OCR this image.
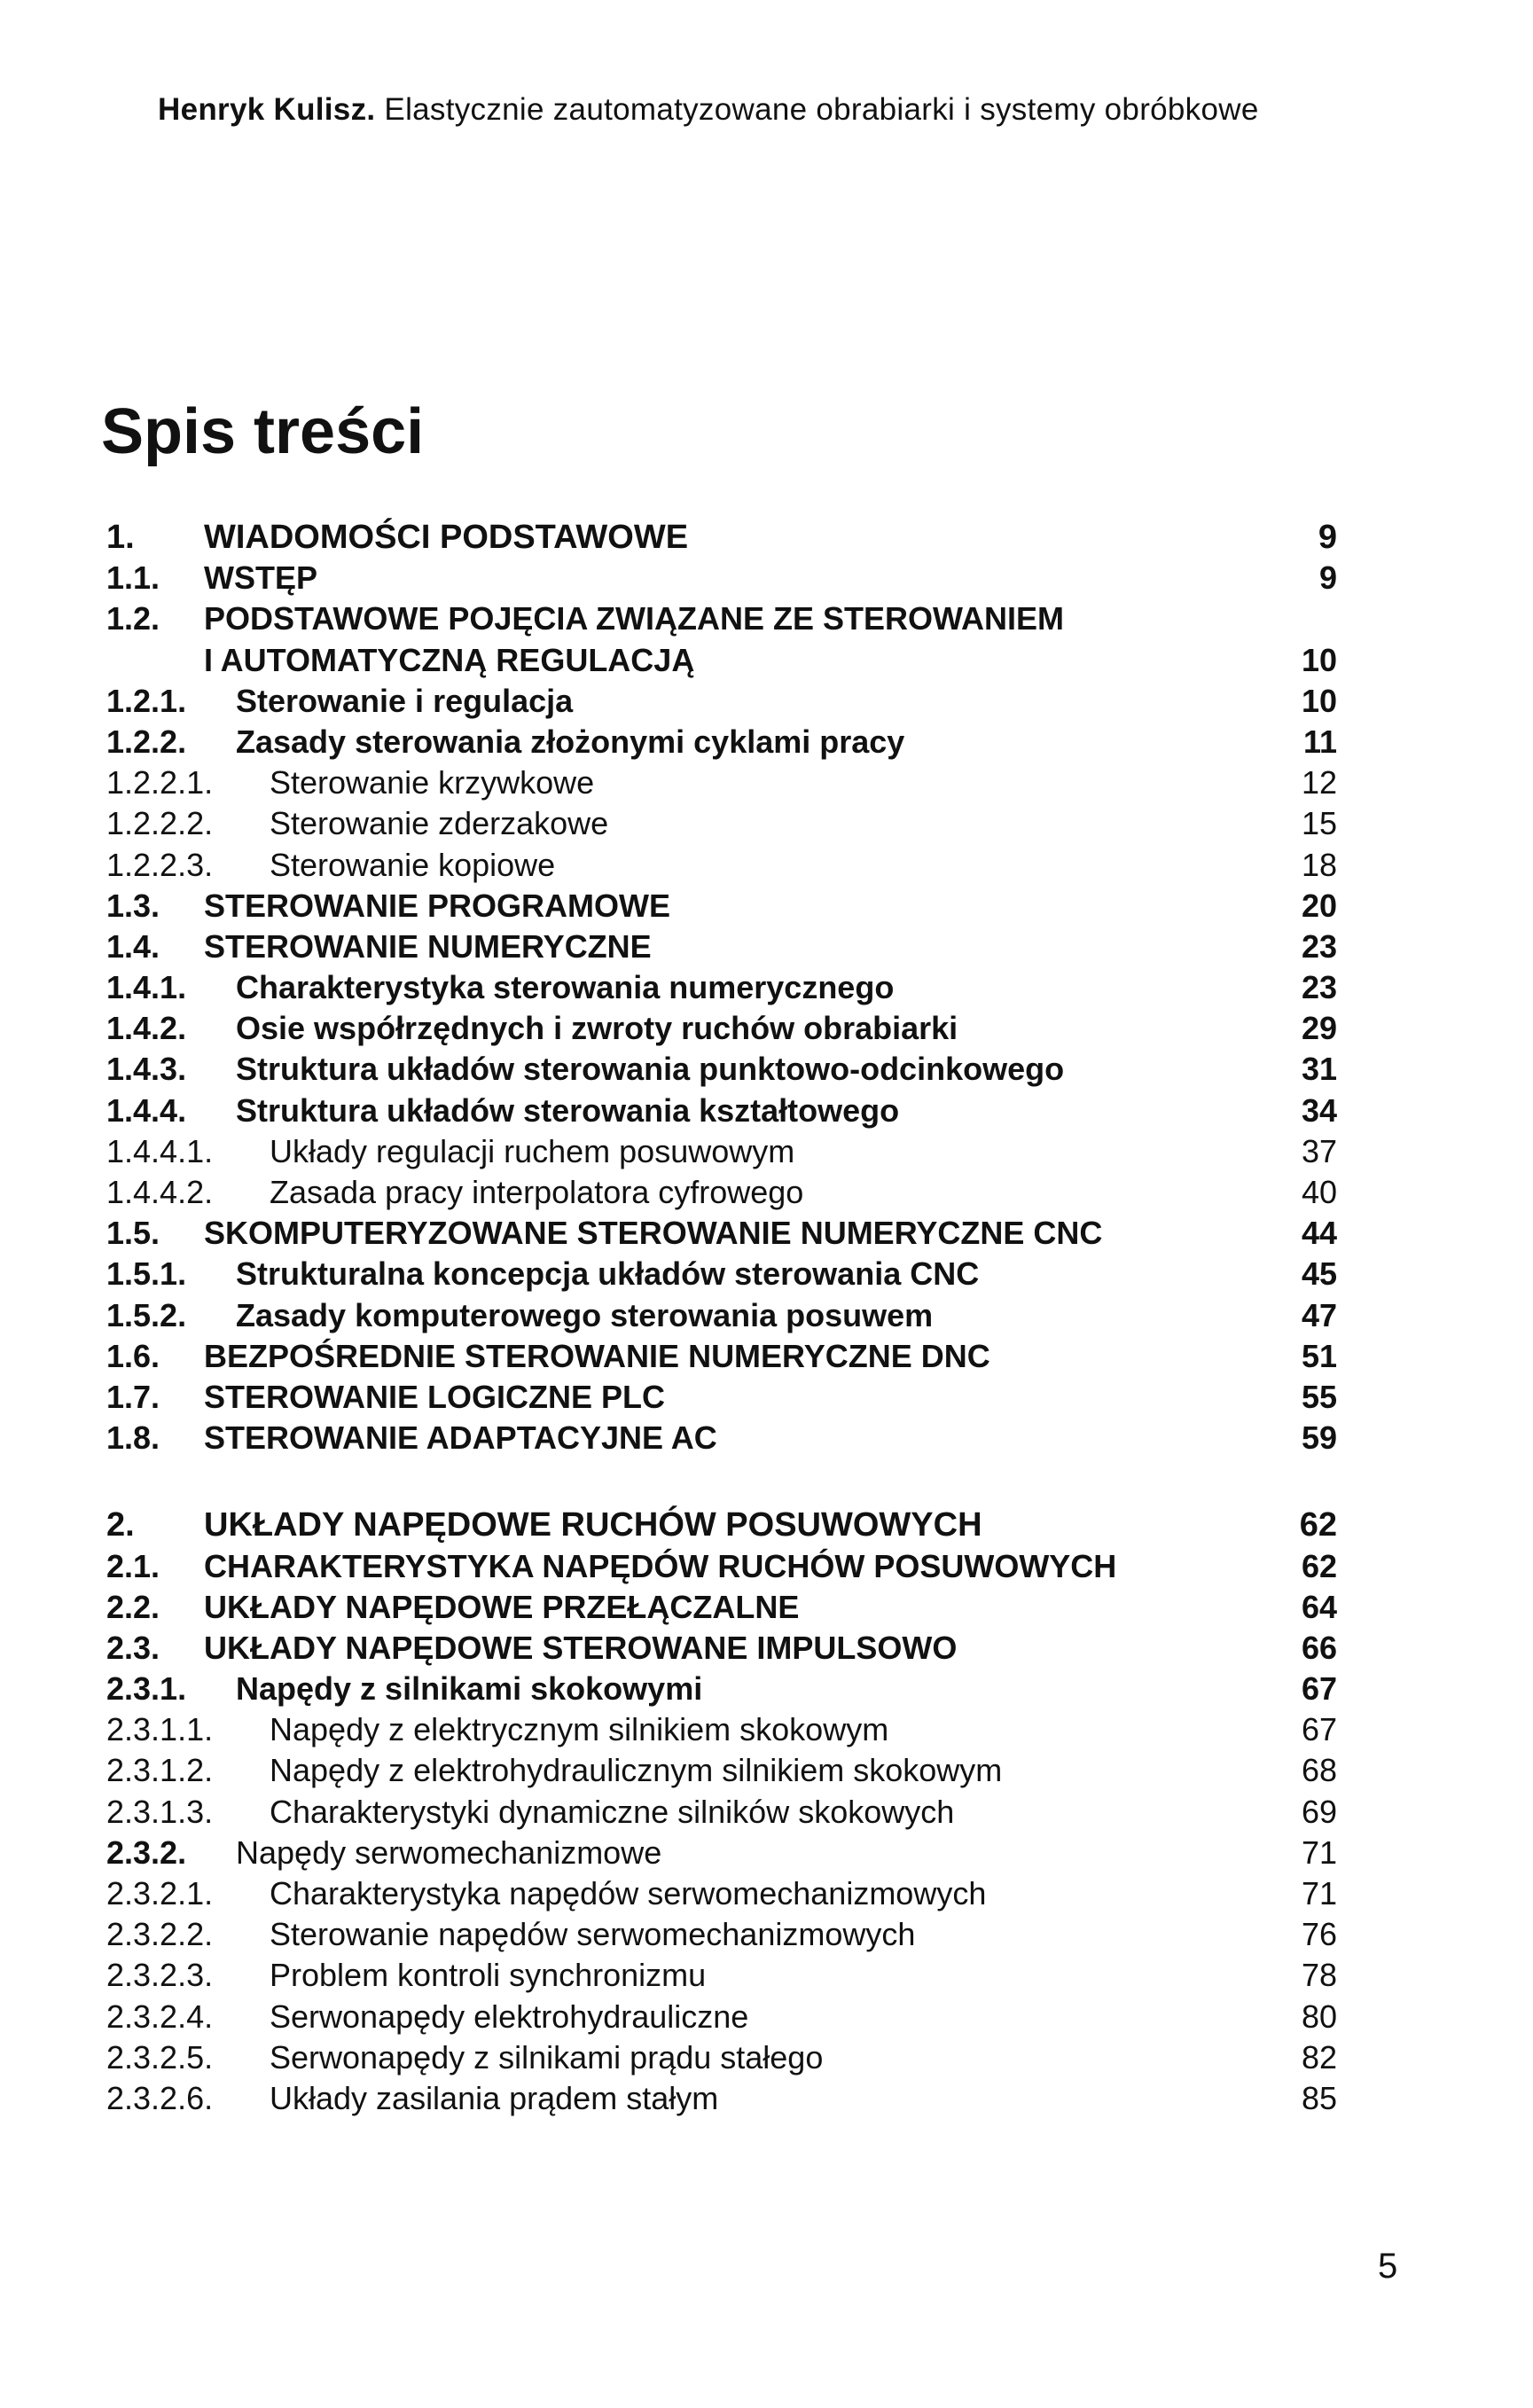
Henryk Kulisz. Elastycznie zautomatyzowane obrabiarki i systemy obróbkowe
Spis treści
1. WIADOMOŚCI PODSTAWOWE	9
1.1. WSTĘP	9
1.2. PODSTAWOWE POJĘCIA ZWIĄZANE ZE STEROWANIEM
I AUTOMATYCZNĄ REGULACJĄ	10
1.2.1. Sterowanie i regulacja	10
1.2.2. Zasady sterowania złożonymi cyklami pracy	11
1.2.2.1. Sterowanie krzywkowe	12
1.2.2.2. Sterowanie zderzakowe	15
1.2.2.3. Sterowanie kopiowe	18
1.3. STEROWANIE PROGRAMOWE	20
1.4. STEROWANIE NUMERYCZNE	23
1.4.1. Charakterystyka sterowania numerycznego	23
1.4.2. Osie współrzędnych i zwroty ruchów obrabiarki	29
1.4.3. Struktura układów sterowania punktowo-odcinkowego	31
1.4.4. Struktura układów sterowania kształtowego	34
1.4.4.1. Układy regulacji ruchem posuwowym	37
1.4.4.2. Zasada pracy interpolatora cyfrowego	40
1.5. SKOMPUTERYZOWANE STEROWANIE NUMERYCZNE CNC	44
1.5.1. Strukturalna koncepcja układów sterowania CNC	45
1.5.2. Zasady komputerowego sterowania posuwem	47
1.6. BEZPOŚREDNIE STEROWANIE NUMERYCZNE DNC	51
1.7. STEROWANIE LOGICZNE PLC	55
1.8. STEROWANIE ADAPTACYJNE AC	59
2. UKŁADY NAPĘDOWE RUCHÓW POSUWOWYCH	62
2.1. CHARAKTERYSTYKA NAPĘDÓW RUCHÓW POSUWOWYCH	62
2.2. UKŁADY NAPĘDOWE PRZEŁĄCZALNE	64
2.3. UKŁADY NAPĘDOWE STEROWANE IMPULSOWO	66
2.3.1. Napędy z silnikami skokowymi	67
2.3.1.1. Napędy z elektrycznym silnikiem skokowym	67
2.3.1.2. Napędy z elektrohydraulicznym silnikiem skokowym	68
2.3.1.3. Charakterystyki dynamiczne silników skokowych	69
2.3.2. Napędy serwomechanizmowe	71
2.3.2.1. Charakterystyka napędów serwomechanizmowych	71
2.3.2.2. Sterowanie napędów serwomechanizmowych	76
2.3.2.3. Problem kontroli synchronizmu	78
2.3.2.4. Serwonapędy elektrohydrauliczne	80
2.3.2.5. Serwonapędy z silnikami prądu stałego	82
2.3.2.6. Układy zasilania prądem stałym	85
5
